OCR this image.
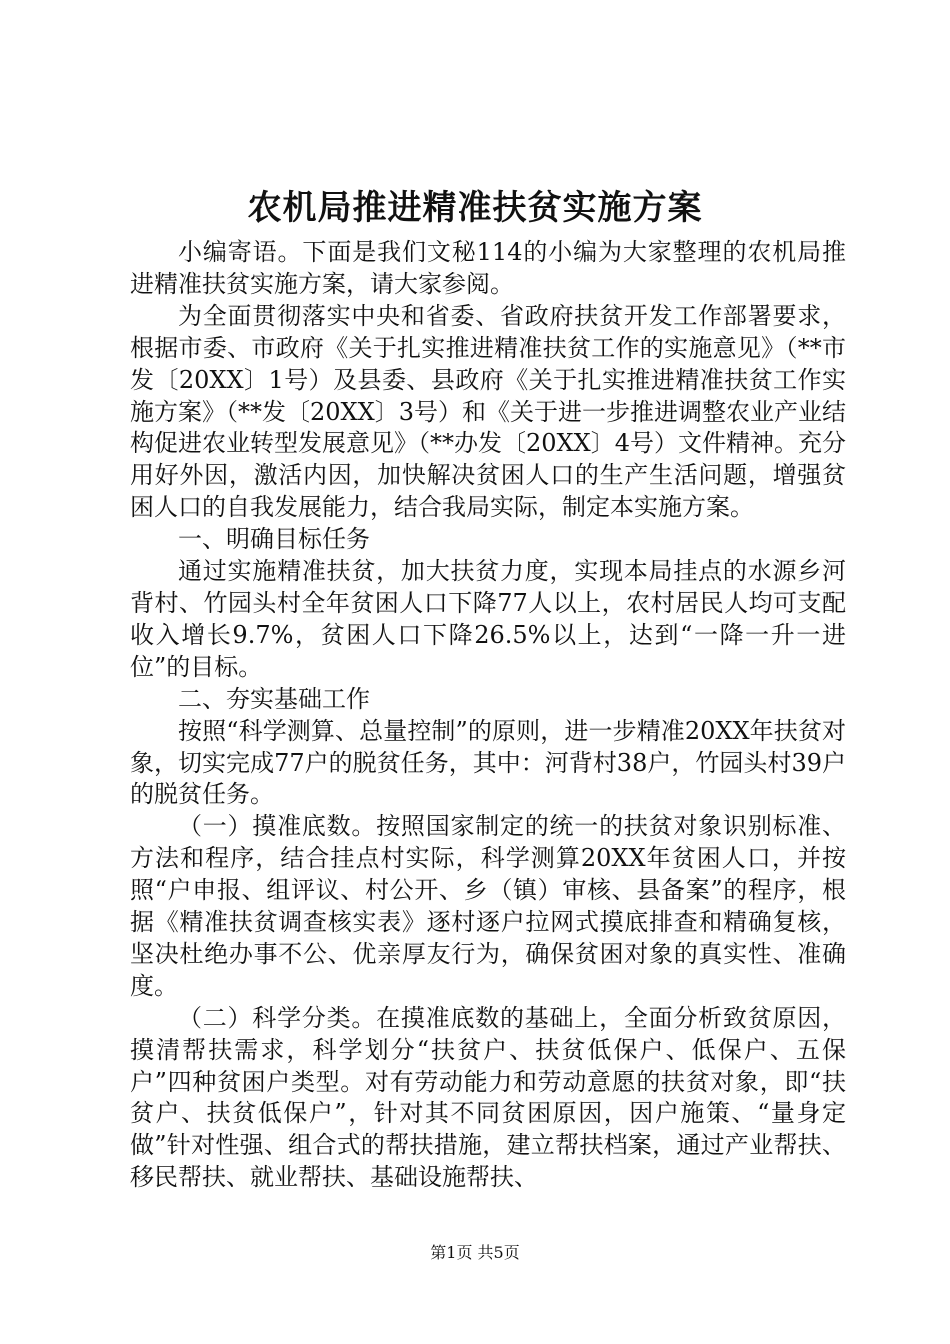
农机局推进精准扶贫实施方案

小编寄语。下面是我们文秘114的小编为大家整理的农机局推进精准扶贫实施方案，请大家参阅。

为全面贯彻落实中央和省委、省政府扶贫开发工作部署要求，根据市委、市政府《关于扎实推进精准扶贫工作的实施意见》（**市发〔20XX〕1号）及县委、县政府《关于扎实推进精准扶贫工作实施方案》（**发〔20XX〕3号）和《关于进一步推进调整农业产业结构促进农业转型发展意见》（**办发〔20XX〕4号）文件精神。充分用好外因，激活内因，加快解决贫困人口的生产生活问题，增强贫困人口的自我发展能力，结合我局实际，制定本实施方案。

一、明确目标任务

通过实施精准扶贫，加大扶贫力度，实现本局挂点的水源乡河背村、竹园头村全年贫困人口下降77人以上，农村居民人均可支配收入增长9.7%，贫困人口下降26.5%以上，达到“一降一升一进位”的目标。

二、夯实基础工作

按照“科学测算、总量控制”的原则，进一步精准20XX年扶贫对象，切实完成77户的脱贫任务，其中：河背村38户，竹园头村39户的脱贫任务。

（一）摸准底数。按照国家制定的统一的扶贫对象识别标准、方法和程序，结合挂点村实际，科学测算20XX年贫困人口，并按照“户申报、组评议、村公开、乡（镇）审核、县备案”的程序，根据《精准扶贫调查核实表》逐村逐户拉网式摸底排查和精确复核，坚决杜绝办事不公、优亲厚友行为，确保贫困对象的真实性、准确度。

（二）科学分类。在摸准底数的基础上，全面分析致贫原因，摸清帮扶需求，科学划分“扶贫户、扶贫低保户、低保户、五保户”四种贫困户类型。对有劳动能力和劳动意愿的扶贫对象，即“扶贫户、扶贫低保户”，针对其不同贫困原因，因户施策、“量身定做”针对性强、组合式的帮扶措施，建立帮扶档案，通过产业帮扶、移民帮扶、就业帮扶、基础设施帮扶、

第1页 共5页
